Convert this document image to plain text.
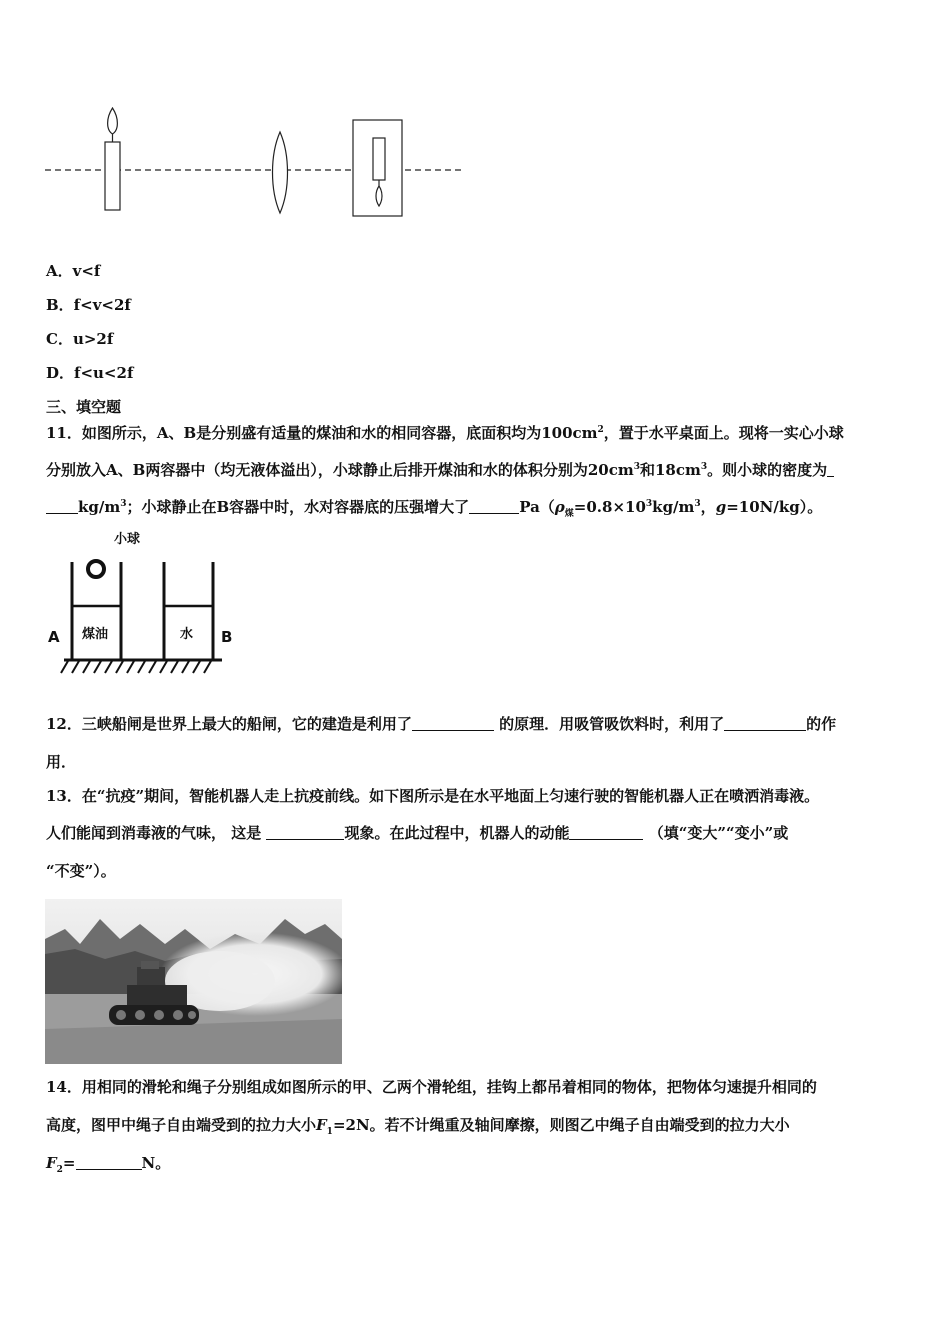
A．v<f
B．f<v<2f
C．u>2f
D．f<u<2f
三、填空题
11．如图所示，A、B是分别盛有适量的煤油和水的相同容器，底面积均为$100cm^2$，置于水平桌面上。现将一实心小球
分别放入A、B两容器中（均无液体溢出），小球静止后排开煤油和水的体积分别为$20cm^3$和$18cm^3$。则小球的密度为
$kg/m^3$；小球静止在B容器中时，水对容器底的压强增大了	$Pa(\rho_煤=0.8\times 10^3kg/m^3$，g=10N/kg）。
小球
煤油	水
A	B
12．三峡船闸是世界上最大的船闸，它的建造是利用了	的原理．用吸管吸饮料时，利用了	的作
用．
13．在“抗疫”期间，智能机器人走上抗疫前线。如下图所示是在水平地面上匀速行驶的智能机器人正在喷洒消毒液。
人们能闻到消毒液的气味， 这是	现象。在此过程中，机器人的动能	（填“变大”“变小”或
“不变”）。
14．用相同的滑轮和绳子分别组成如图所示的甲、乙两个滑轮组，挂钩上都吊着相同的物体，把物体匀速提升相同的
高度，图甲中绳子自由端受到的拉力大小$F_1=2N$。若不计绳重及轴间摩擦，则图乙中绳子自由端受到的拉力大小
$F_2=$	N。
